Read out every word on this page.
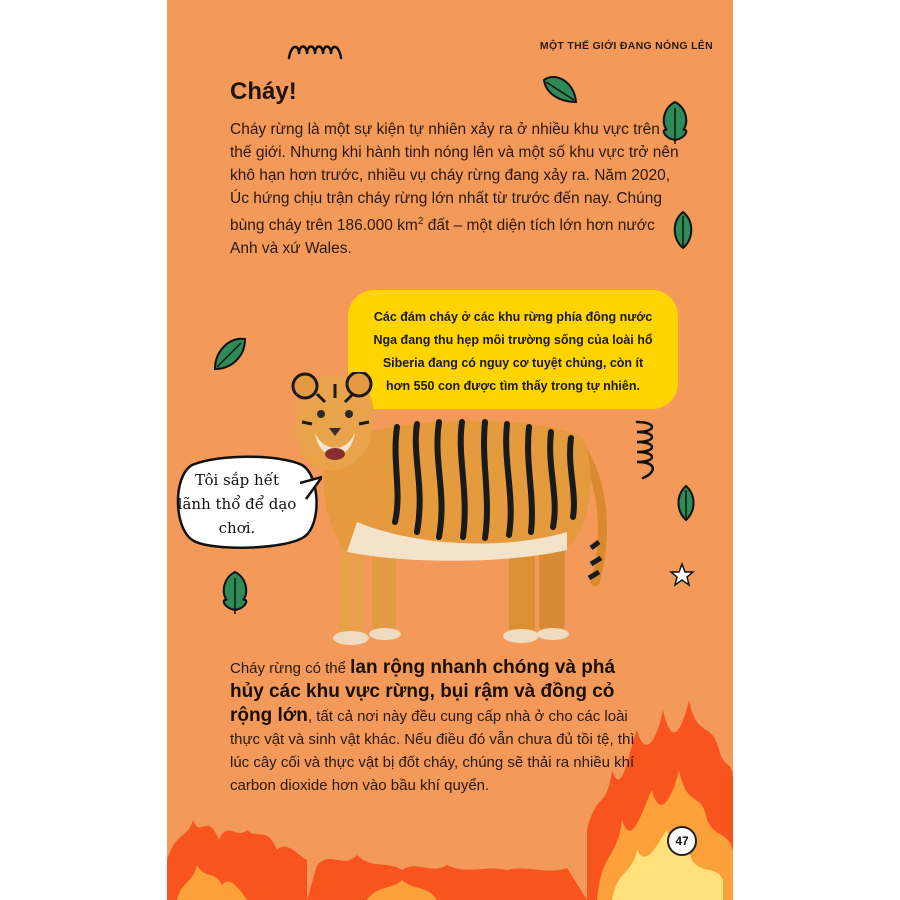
MỘT THẾ GIỚI ĐANG NÓNG LÊN
Cháy!

Cháy rừng là một sự kiện tự nhiên xảy ra ở nhiều khu vực trên thế giới. Nhưng khi hành tinh nóng lên và một số khu vực trở nên khô hạn hơn trước, nhiều vụ cháy rừng đang xảy ra. Năm 2020, Úc hứng chịu trận cháy rừng lớn nhất từ trước đến nay. Chúng bùng cháy trên 186.000 $km^2$ đất – một diện tích lớn hơn nước Anh và xứ Wales.

Các đám cháy ở các khu rừng phía đông nước Nga đang thu hẹp môi trường sống của loài hổ Siberia đang có nguy cơ tuyệt chủng, còn ít hơn 550 con được tìm thấy trong tự nhiên.
Tôi sắp hết lãnh thổ để dạo chơi.

Cháy rừng có thể lan rộng nhanh chóng và phá hủy các khu vực rừng, bụi rậm và đồng cỏ rộng lớn, tất cả nơi này đều cung cấp nhà ở cho các loài thực vật và sinh vật khác. Nếu điều đó vẫn chưa đủ tồi tệ, thì lúc cây cối và thực vật bị đốt cháy, chúng sẽ thải ra nhiều khí carbon dioxide hơn vào bầu khí quyển.

47
